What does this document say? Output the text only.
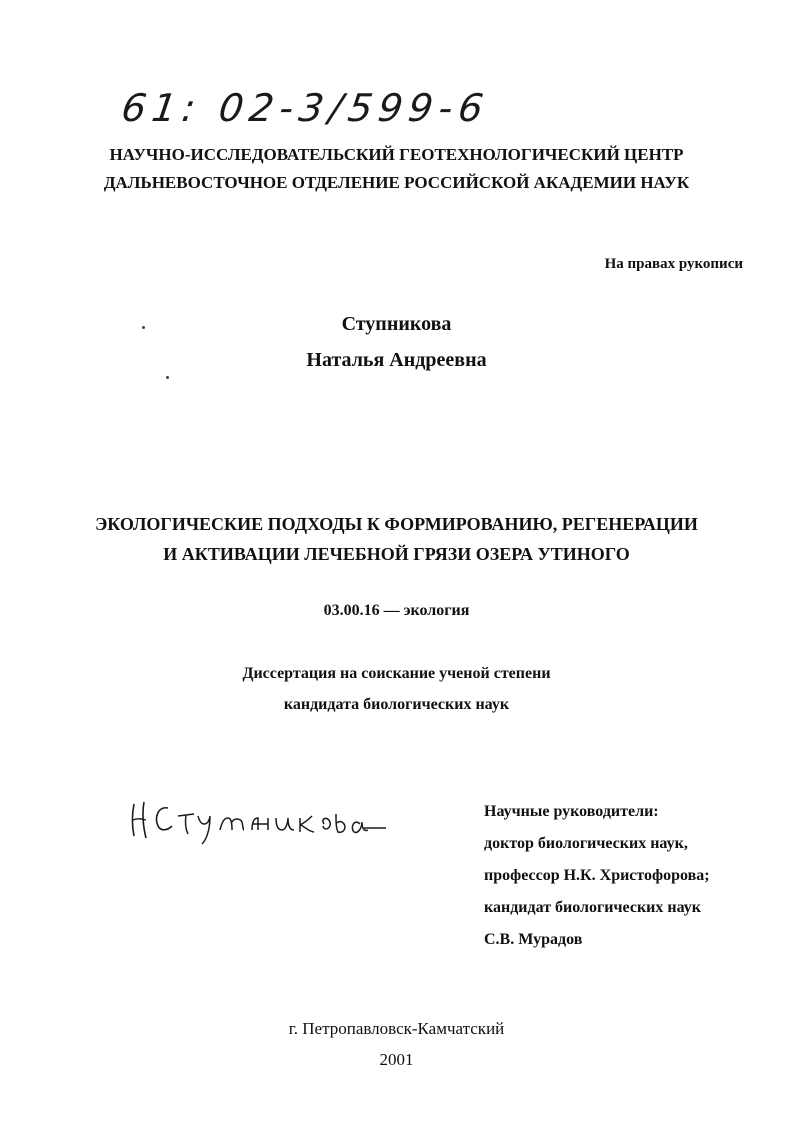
61: 02-3/599-6
НАУЧНО-ИССЛЕДОВАТЕЛЬСКИЙ ГЕОТЕХНОЛОГИЧЕСКИЙ ЦЕНТР
ДАЛЬНЕВОСТОЧНОЕ ОТДЕЛЕНИЕ РОССИЙСКОЙ АКАДЕМИИ НАУК
На правах рукописи
Ступникова
Наталья Андреевна
ЭКОЛОГИЧЕСКИЕ ПОДХОДЫ К ФОРМИРОВАНИЮ, РЕГЕНЕРАЦИИ
И АКТИВАЦИИ ЛЕЧЕБНОЙ ГРЯЗИ ОЗЕРА УТИНОГО
03.00.16 — экология
Диссертация на соискание ученой степени
кандидата биологических наук
Научные руководители:
доктор биологических наук,
профессор Н.К. Христофорова;
кандидат биологических наук
С.В. Мурадов
г. Петропавловск-Камчатский
2001
